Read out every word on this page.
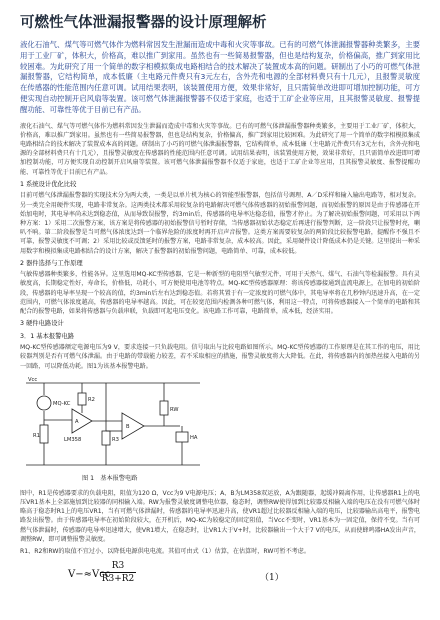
可燃性气体泄漏报警器的设计原理解析

液化石油气、煤气等可燃气体作为燃料常因发生泄漏而造成中毒和火灾等事故。已有的可燃气体泄漏报警器种类繁多，主要用于工业厂矿，体积大，价格高，难以推广到家用。虽然也有一些简易报警器，但也是结构复杂，价格偏高，推广到家用比较困难。为此研究了用一个简单的数字相模拟集成电路相结合的技术解决了装置成本高的问题。研制出了小巧的可燃气体泄漏报警器，它结构简单，成本低廉（主电路元件费只有3元左右，含外壳和电源的全部材料费只有十几元），且报警灵敏度在传感器的性能范围内任意可调。试用结果表明，该装置使用方便，效果非常好，且只需简单改进即可增加控制功能，可方便实现自动控制开启风扇等装置。该可燃气体泄漏报警器不仅适于家庭，也适于工矿企业等应用，且其报警灵敏度、报警提醒功能、可靠性等优于目前已有产品。

液化石油气、煤气等可燃气体作为燃料常因发生泄漏而造成中毒和火灾等事故。已有的可燃气体泄漏报警器种类繁多，主要用于工业厂矿，体积大，价格高，难以推广到家用。虽然也有一些简易报警器，但也是结构复杂，价格偏高，推广到家用比较困难。为此研究了用一个简单的数字相模拟集成电路相结合的技术解决了装置成本高的问题。研制出了小巧的可燃气体泄漏报警器，它结构简单，成本低廉（主电路元件费只有3元左右，含外壳和电源的全部材料费只有十几元），且报警灵敏度在传感器的性能范围内任意可调。试用结果表明，该装置使用方便，效果非常好，且只需简单改进即可增加控制功能，可方便实现自动控制开启风扇等装置。该可燃气体泄漏报警器不仅适于家庭，也适于工矿企业等应用，且其报警灵敏度、报警提醒功能、可靠性等优于目前已有产品。

1 系统设计优化比较

目前可燃气体泄漏报警器的实现技术分为两大类，一类是以单片机为核心的智能型报警器，包括信号调理、A／D采样和输入输出电路等，相对复杂。另一类完全用硬件实现，电路非常复杂。这两类技术都采用较复杂的电路解决可燃气体传感器的初始报警问题，而初始报警的原因是由于传感器在开始加电时，其电导率尚未达到稳态值，从而导致误报警，约3min后，传感器的电导率达稳态值，报警才停止。为了解决初始报警问题，可采用以下两种方案：1）采用二次报警方案，该方案是将传感器的初始报警信号暂时存储，当传感器初始状态稳定后再进行报警判断，这一阶段只让报警时亮，喇叭不响。第二阶段报警是当可燃气体浓度达到一个临界危险的浓度时再开启声音报警。这类方案需要较复杂的两阶段比较报警电路，提醒作不强且不可靠，报警灵敏度不可调；2）采用比较或反馈延时的报警方案，电路非常复杂，成本较高。因此，采用硬件设计降低成本仍是关键。这里提出一种采用数字和模拟集成电路相结合的设计方案，解决了报警器的初始报警问题，电路简单、可靠，成本较低。

2 器件选择与工作原理

气敏传感器种类繁多，性能各异。这里选用MQ-KC型传感器，它是一种新型的电阻型气敏型元件，可用于天然气、煤气、石油气等检漏报警。具有灵敏度高，长期稳定性好，寿命长，价格低，功耗小，可方便使用电池等特点。MQ-KC型传感器原理：将该传感器接通到直流电源上，在加电的初始阶段，传感器的电导率呈现一个较高的值，约3min后左右达到稳态值。若将其置于有一定浓度的可燃气体中，其电导率将在几秒钟内迅速升高，在一定范围内，可燃气体浓度越高，传感器的电导率越高。因此，可在较宽范围内检测各种可燃气体，利用这一特点，可将传感器接入一个简单的电路和其配合的报警电路，如果将传感器与负载串联，负载即可起电压变化。该电路工作可靠，电路简单，成本低，经济实用。

3 硬件电路设计

3．1 基本报警电路

MQ-KC型传感器额定电源电压为9 V，要求连接一只负载电阻。信号取出与比较电路如图所示。MQ-KC型传感器的工作原理是在其工作的电压，用比较器判别是否有可燃气体泄漏。由于电路的带载能力较差，若不采取相应的措施，报警灵敏度将大大降低。在此，将传感器内的加热丝接入电路的另一回路，可以降低功耗。图1为该基本报警电路。

Vcc
MQ-KC
R1
R2
R3
A
B
LM358
RW
HA
图 1　基本报警电路

图中，R1是传感器要求的负载电阻，阻值为120 Ω，Vcc为9 V电源电压；A、B为LM358双运放，A为跟随器，起缓冲隔离作用，让传感器R1上的电压VR1基本上全部施加到比较器的同相输入端。RW为报警灵敏度调整电位器，稳态时，调整RW使得加到比较器反相输入端的电压在没有可燃气体时略高于稳态时R1上的电压VR1，当有可燃气体泄漏时，传感器的电导率迅速升高，使VR1超过比较器反相输入端的电压，比较器输出高电平，报警电路发出报警。由于传感器电导率在初始阶段较大，在开机后，MQ-KC为较稳定的固定阻值，当Vcc不变时，VR1基本为一固定值，保持不变。当有可燃气体泄漏时，传感器的电导率迅速增大，使VR1增大，在稳态时，让VR1大于V+时，比较器输出一个大于7 V的电压，从而使蜂鸣器HA发出声音，调整RW，即可调整报警灵敏度。

R1、R2和RW的取值不宜过小，以降低电源供电电流。其值可由式（1）估算，在估算时，RW可暂不考虑。

V−≈Vcc
$\frac{R3}{R3+R2}$	（1）
